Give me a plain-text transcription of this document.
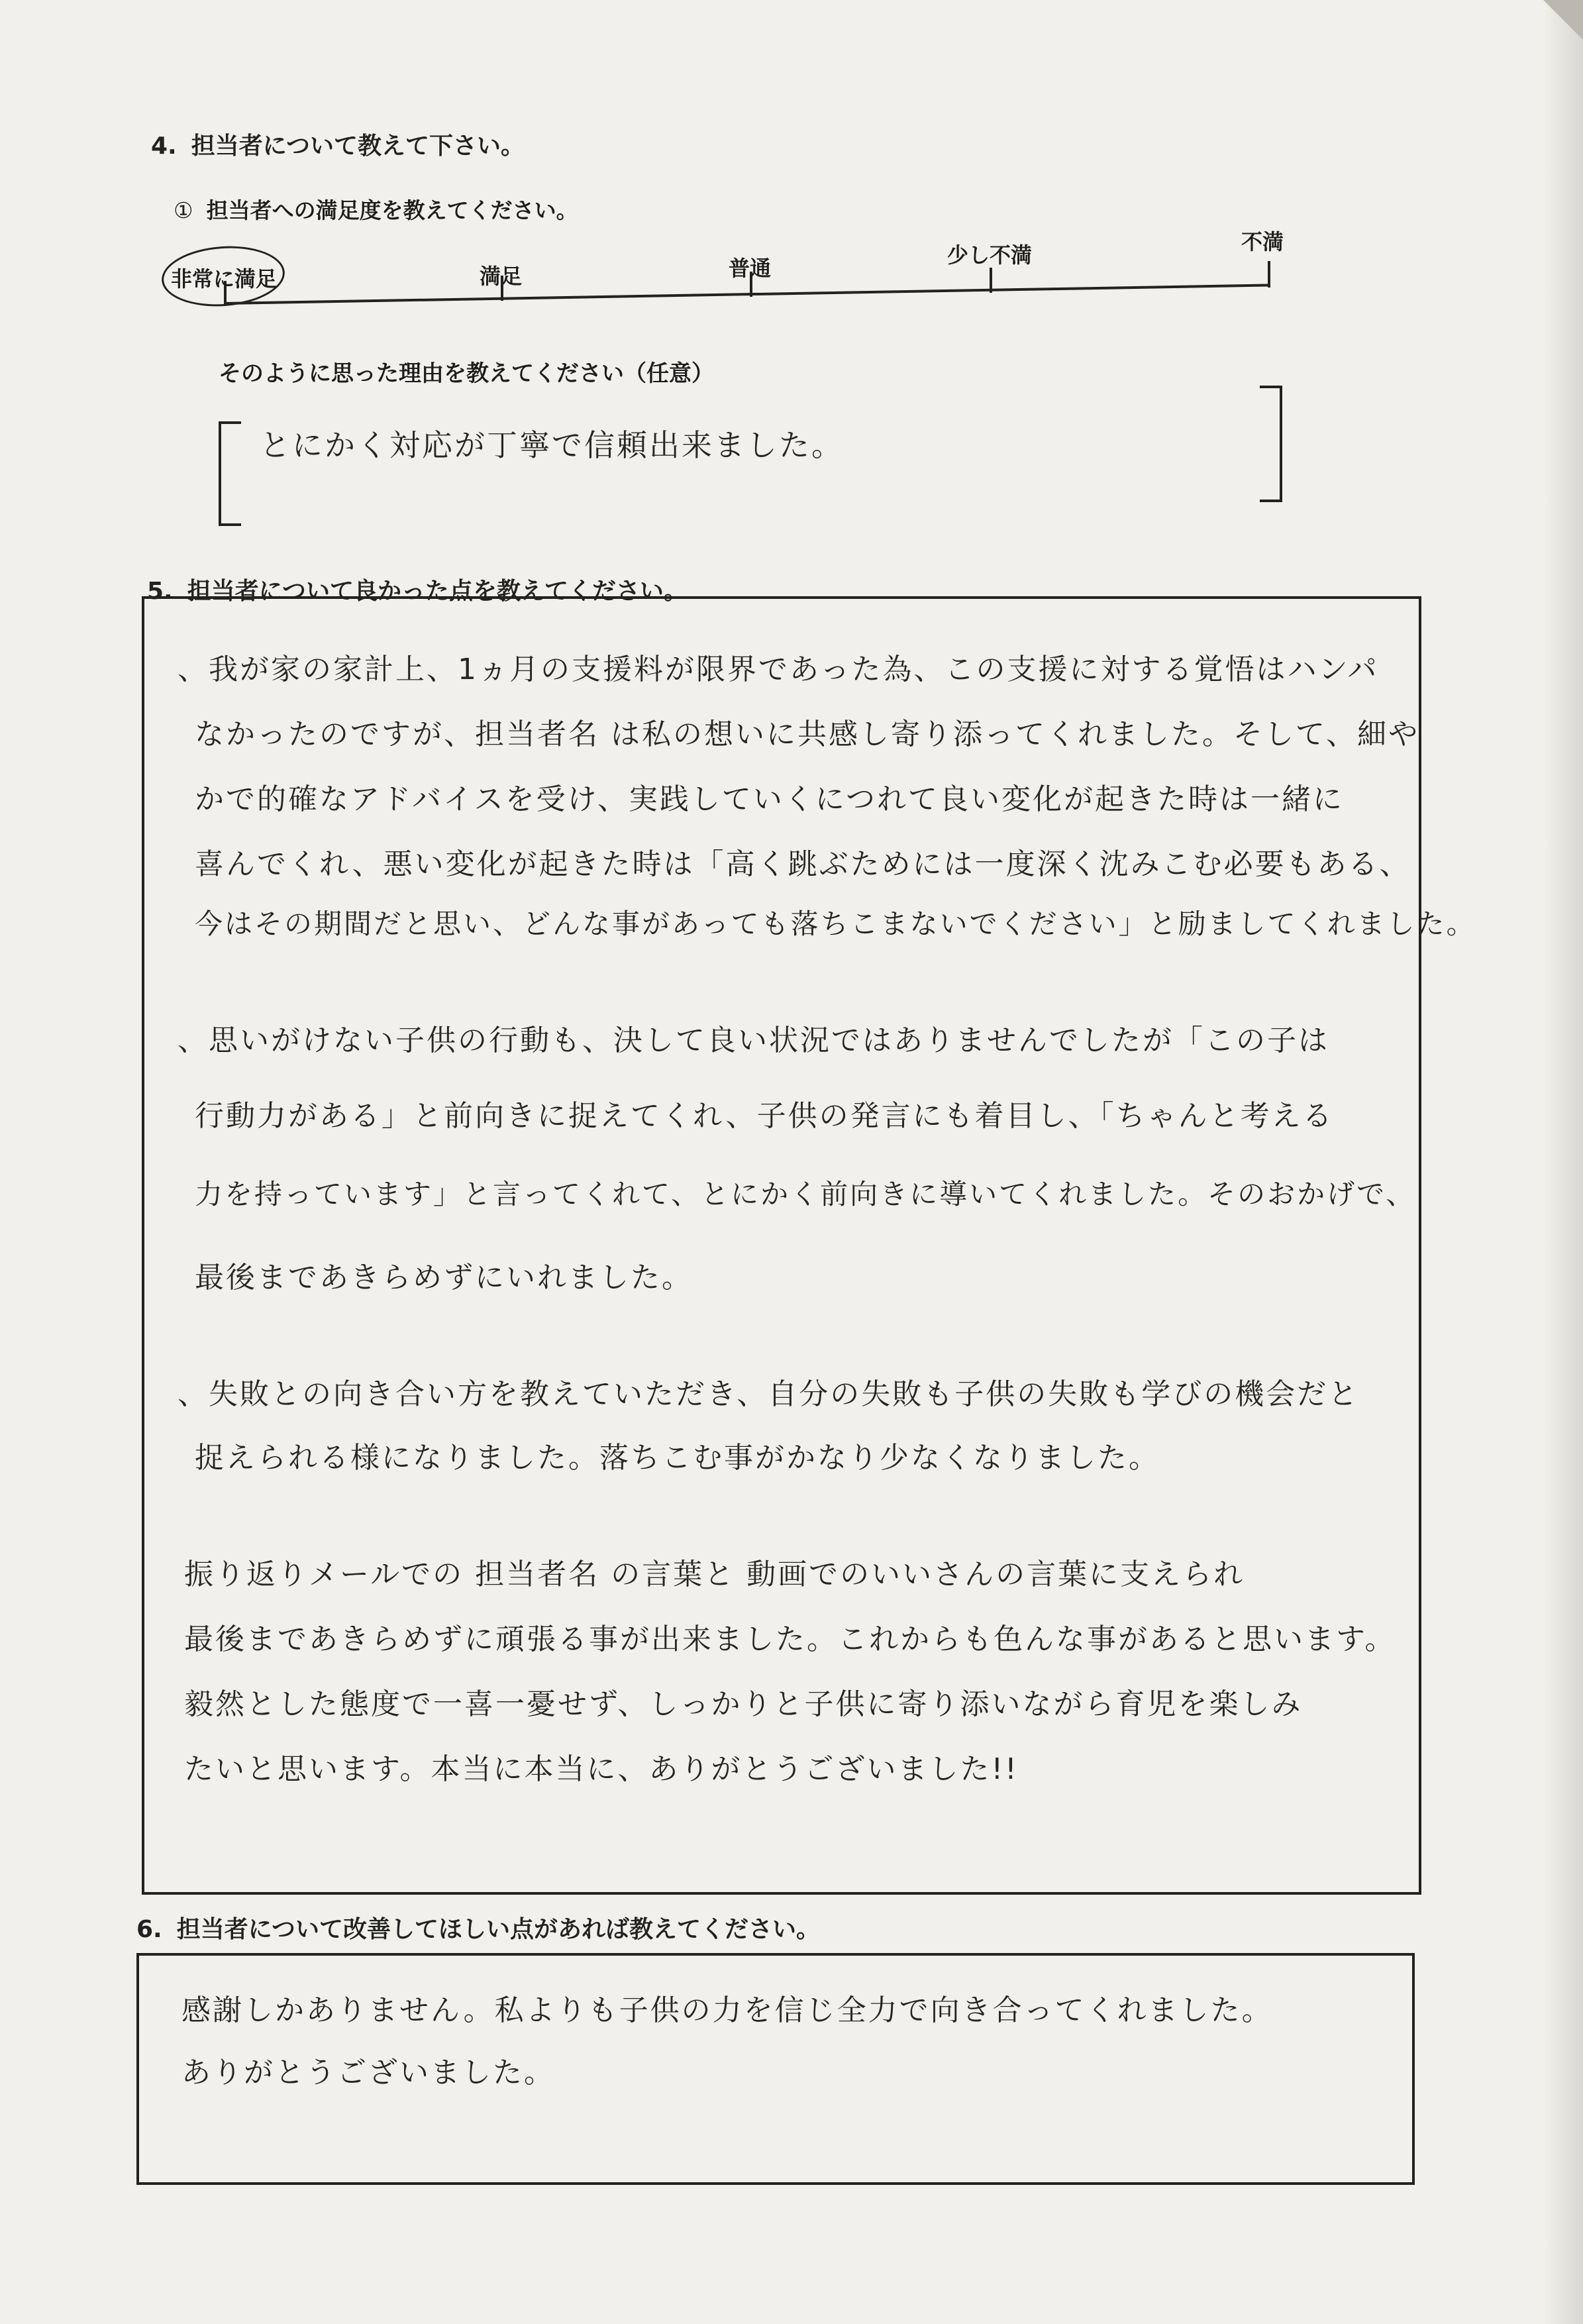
4. 担当者について教えて下さい。
① 担当者への満足度を教えてください。
非常に満足	満足	普通
少し不満
不満
そのように思った理由を教えてください（任意）
とにかく対応が丁寧で信頼出来ました。
5. 担当者について良かった点を教えてください。
、我が家の家計上、1ヵ月の支援料が限界であった為、この支援に対する覚悟はハンパ
なかったのですが、担当者名 は私の想いに共感し寄り添ってくれました。そして、細や
かで的確なアドバイスを受け、実践していくにつれて良い変化が起きた時は一緒に
喜んでくれ、悪い変化が起きた時は「高く跳ぶためには一度深く沈みこむ必要もある、
今はその期間だと思い、どんな事があっても落ちこまないでください」と励ましてくれました。
、思いがけない子供の行動も、決して良い状況ではありませんでしたが「この子は
行動力がある」と前向きに捉えてくれ、子供の発言にも着目し、「ちゃんと考える
力を持っています」と言ってくれて、とにかく前向きに導いてくれました。そのおかげで、
最後まであきらめずにいれました。
、失敗との向き合い方を教えていただき、自分の失敗も子供の失敗も学びの機会だと
捉えられる様になりました。落ちこむ事がかなり少なくなりました。
振り返りメールでの 担当者名 の言葉と 動画でのいいさんの言葉に支えられ
最後まであきらめずに頑張る事が出来ました。これからも色んな事があると思います。
毅然とした態度で一喜一憂せず、しっかりと子供に寄り添いながら育児を楽しみ
たいと思います。本当に本当に、ありがとうございました!!
6. 担当者について改善してほしい点があれば教えてください。
感謝しかありません。私よりも子供の力を信じ全力で向き合ってくれました。
ありがとうございました。
